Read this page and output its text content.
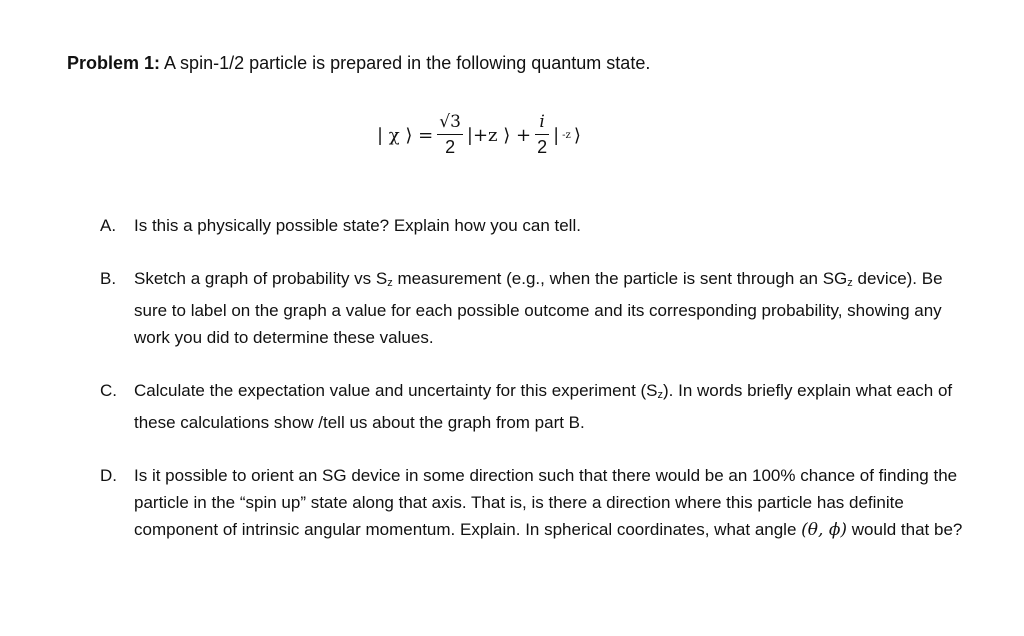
Problem 1: A spin-1/2 particle is prepared in the following quantum state.
| χ ⟩ = $\frac{√3}{2} |+z$ ⟩ + $\frac{i}{2}$ | -z ⟩
A.	Is this a physically possible state? Explain how you can tell.
B.	Sketch a graph of probability vs $S_z$ measurement (e.g., when the particle is sent through an $SG_z$ device). Be sure to label on the graph a value for each possible outcome and its corresponding probability, showing any work you did to determine these values.
C.	Calculate the expectation value and uncertainty for this experiment $(S_z)$. In words briefly explain what each of these calculations show /tell us about the graph from part B.
D.	Is it possible to orient an SG device in some direction such that there would be an 100% chance of finding the particle in the “spin up” state along that axis. That is, is there a direction where this particle has definite component of intrinsic angular momentum. Explain. In spherical coordinates, what angle (θ, ϕ) would that be?
